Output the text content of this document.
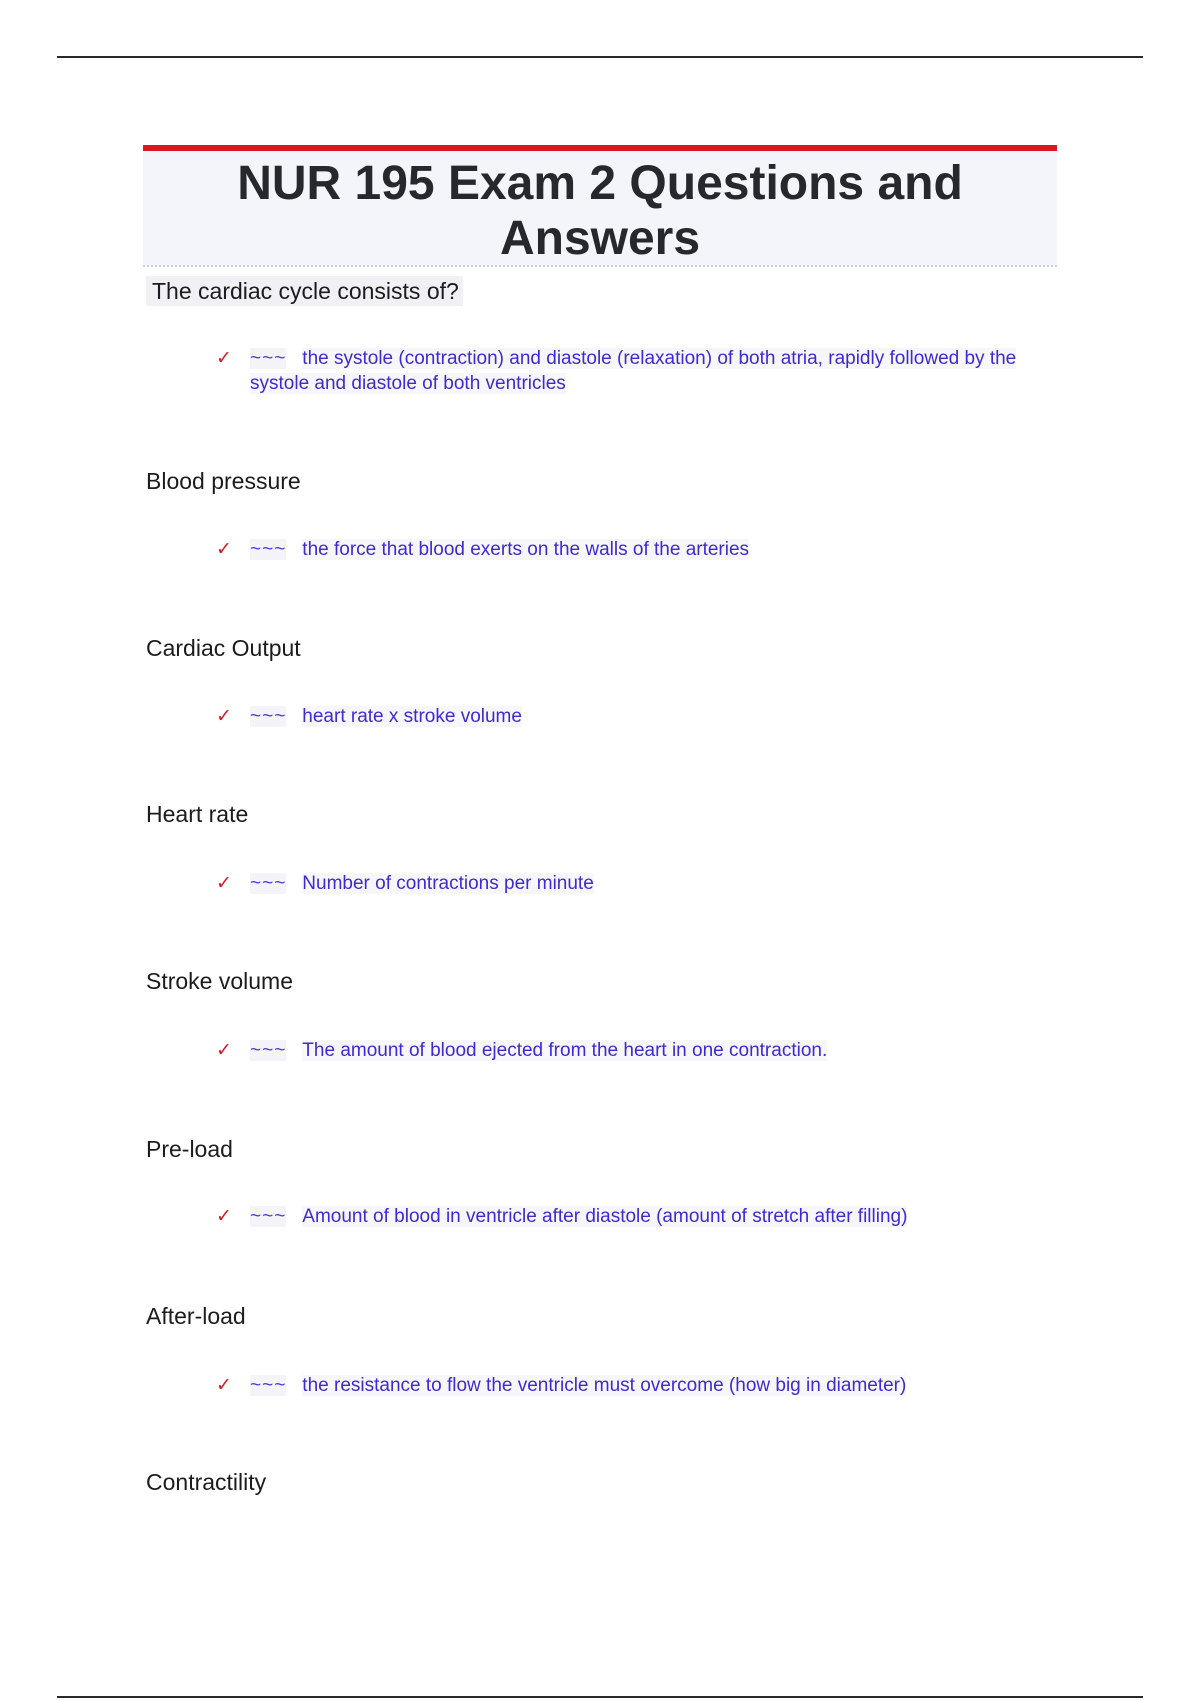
NUR 195 Exam 2 Questions and Answers
The cardiac cycle consists of?
✓ ~~~ the systole (contraction) and diastole (relaxation) of both atria, rapidly followed by the systole and diastole of both ventricles
Blood pressure
✓ ~~~ the force that blood exerts on the walls of the arteries
Cardiac Output
✓ ~~~ heart rate x stroke volume
Heart rate
✓ ~~~ Number of contractions per minute
Stroke volume
✓ ~~~ The amount of blood ejected from the heart in one contraction.
Pre-load
✓ ~~~ Amount of blood in ventricle after diastole (amount of stretch after filling)
After-load
✓ ~~~ the resistance to flow the ventricle must overcome (how big in diameter)
Contractility
